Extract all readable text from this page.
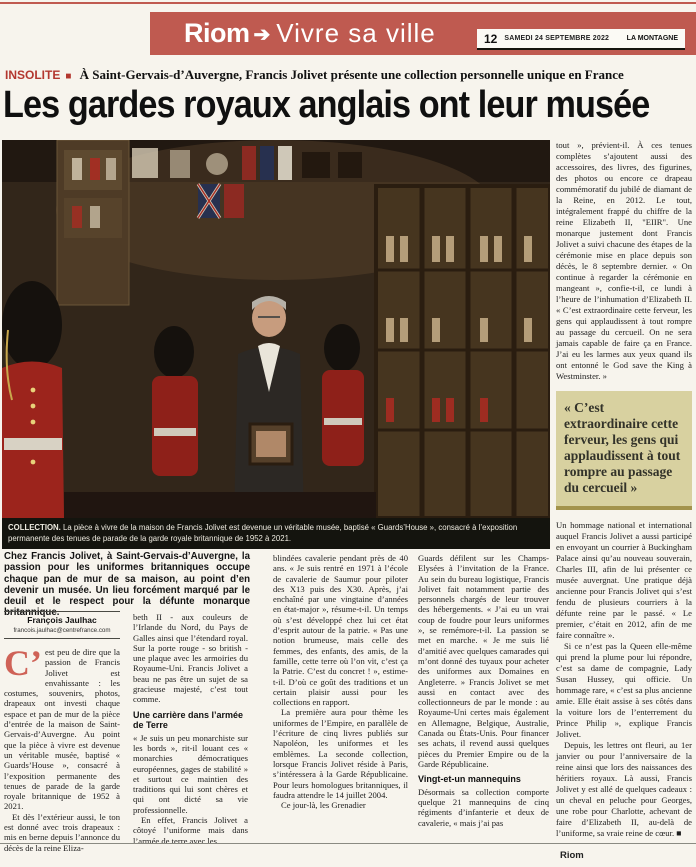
Riom ➔ Vivre sa ville	12 SAMEDI 24 SEPTEMBRE 2022	LA MONTAGNE
INSOLITE ■ À Saint-Gervais-d’Auvergne, Francis Jolivet présente une collection personnelle unique en France
Les gardes royaux anglais ont leur musée
COLLECTION. La pièce à vivre de la maison de Francis Jolivet est devenue un véritable musée, baptisé « Guards’House », consacré à l’exposition permanente des tenues de parade de la garde royale britannique de 1952 à 2021.
Chez Francis Jolivet, à Saint-Gervais-d’Auvergne, la passion pour les uniformes britanniques occupe chaque pan de mur de sa maison, au point d’en devenir un musée. Un lieu forcément marqué par le deuil et le respect pour la défunte monarque britannique.
François Jaulhac
francois.jaulhac@centrefrance.com

C’ est peu de dire que la passion de Francis Jolivet est envahissante : les costumes, souvenirs, photos, drapeaux ont investi chaque espace et pan de mur de la pièce d’entrée de la maison de Saint-Gervais-d’Auvergne. Au point que la pièce à vivre est devenue un véritable musée, baptisé « Guards’House », consacré à l’exposition permanente des tenues de parade de la garde royale britannique de 1952 à 2021.

Et dès l’extérieur aussi, le ton est donné avec trois drapeaux : mis en berne depuis l’annonce du décès de la reine Eliza-

beth II - aux couleurs de l’Irlande du Nord, du Pays de Galles ainsi que l’étendard royal. Sur la porte rouge - so british - une plaque avec les armoiries du Royaume-Uni. Francis Jolivet a beau ne pas être un sujet de sa gracieuse majesté, c’est tout comme.

Une carrière dans l’armée de Terre

« Je suis un peu monarchiste sur les bords », rit-il louant ces « monarchies démocratiques européennes, gages de stabilité » et surtout ce maintien des traditions qui lui sont chères et qui ont dicté sa vie professionnelle.

En effet, Francis Jolivet a côtoyé l’uniforme mais dans l’armée de terre avec les

blindées cavalerie pendant près de 40 ans. « Je suis rentré en 1971 à l’école de cavalerie de Saumur pour piloter des X13 puis des X30. Après, j’ai enchaîné par une vingtaine d’années en état-major », résume-t-il. Un temps où s’est développé chez lui cet état d’esprit autour de la patrie. « Pas une notion brumeuse, mais celle des femmes, des enfants, des amis, de la famille, cette terre où l’on vit, c’est ça la Patrie. C’est du concret ! », estime-t-il. D’où ce goût des traditions et un certain plaisir aussi pour les collections en rapport.

La première aura pour thème les uniformes de l’Empire, en parallèle de l’écriture de cinq livres publiés sur Napoléon, les uniformes et les emblèmes. La seconde collection, lorsque Francis Jolivet réside à Paris, s’intéressera à la Garde Républicaine. Pour leurs homologues britanniques, il faudra attendre le 14 juillet 2004.

Ce jour-là, les Grenadier

Guards défilent sur les Champs-Elysées à l’invitation de la France. Au sein du bureau logistique, Francis Jolivet fait notamment partie des personnels chargés de leur trouver des hébergements. « J’ai eu un vrai coup de foudre pour leurs uniformes », se remémore-t-il. La passion se met en marche. « Je me suis lié d’amitié avec quelques camarades qui m’ont donné des tuyaux pour acheter des uniformes aux Domaines en Angleterre. » Francis Jolivet se met aussi en contact avec des collectionneurs de par le monde : au Royaume-Uni certes mais également en Allemagne, Belgique, Australie, Canada ou États-Unis. Pour financer ses achats, il revend aussi quelques pièces du Premier Empire ou de la Garde Républicaine.

Vingt-et-un mannequins

Désormais sa collection comporte quelque 21 mannequins de cinq régiments d’infanterie et deux de cavalerie, « mais j’ai pas

tout », prévient-il. À ces tenues complètes s’ajoutent aussi des accessoires, des livres, des figurines, des photos ou encore ce drapeau commémoratif du jubilé de diamant de la Reine, en 2012. Le tout, intégralement frappé du chiffre de la reine Elizabeth II, "EIIR". Une monarque justement dont Francis Jolivet a suivi chacune des étapes de la cérémonie mise en place depuis son décès, le 8 septembre dernier. « On continue à regarder la cérémonie en mangeant », confie-t-il, ce lundi à l’heure de l’inhumation d’Elizabeth II. « C’est extraordinaire cette ferveur, les gens qui applaudissent à tout rompre au passage du cercueil. On ne sera jamais capable de faire ça en France. J’ai eu les larmes aux yeux quand ils ont entonné le God save the King à Westminster. »

« C’est extraordinaire cette ferveur, les gens qui applaudissent à tout rompre au passage du cercueil »

Un hommage national et international auquel Francis Jolivet a aussi participé en envoyant un courrier à Buckingham Palace ainsi qu’au nouveau souverain, Charles III, afin de lui présenter ce musée auvergnat. Une pratique déjà ancienne pour Francis Jolivet qui s’est fendu de plusieurs courriers à la défunte reine par le passé. « Le premier, c’était en 2012, afin de me faire connaître ».

Si ce n’est pas la Queen elle-même qui prend la plume pour lui répondre, c’est sa dame de compagnie, Lady Susan Hussey, qui officie. Un hommage rare, « c’est sa plus ancienne amie. Elle était assise à ses côtés dans la voiture lors de l’enterrement du Prince Philip », explique Francis Jolivet.

Depuis, les lettres ont fleuri, au 1er janvier ou pour l’anniversaire de la reine ainsi que lors des naissances des héritiers royaux. Là aussi, Francis Jolivet y est allé de quelques cadeaux : un cheval en peluche pour Georges, une robe pour Charlotte, achevant de faire d’Elizabeth II, au-delà de l’uniforme, sa vraie reine de cœur. ■

Riom
